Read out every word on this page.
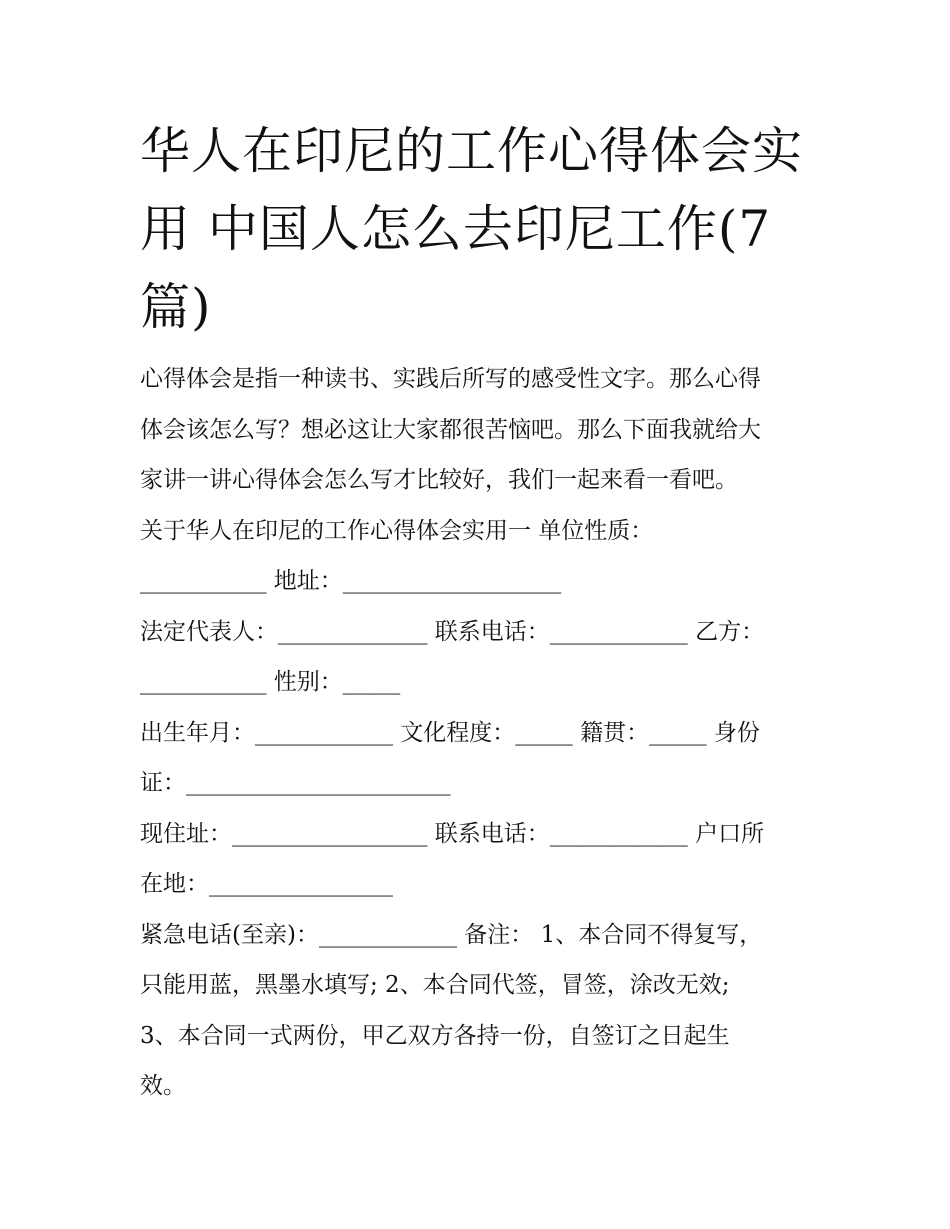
华人在印尼的工作心得体会实
用 中国人怎么去印尼工作(7
篇)
心得体会是指一种读书、实践后所写的感受性文字。那么心得
体会该怎么写？想必这让大家都很苦恼吧。那么下面我就给大
家讲一讲心得体会怎么写才比较好，我们一起来看一看吧。
关于华人在印尼的工作心得体会实用一 单位性质：
___________ 地址：___________________
法定代表人：_____________ 联系电话：____________ 乙方：
___________ 性别：_____
出生年月：____________ 文化程度：_____ 籍贯：_____ 身份
证：_______________________
现住址：_________________ 联系电话：____________ 户口所
在地：________________
紧急电话(至亲)：____________ 备注： 1、本合同不得复写，
只能用蓝，黑墨水填写; 2、本合同代签，冒签，涂改无效;
3、本合同一式两份，甲乙双方各持一份，自签订之日起生
效。
